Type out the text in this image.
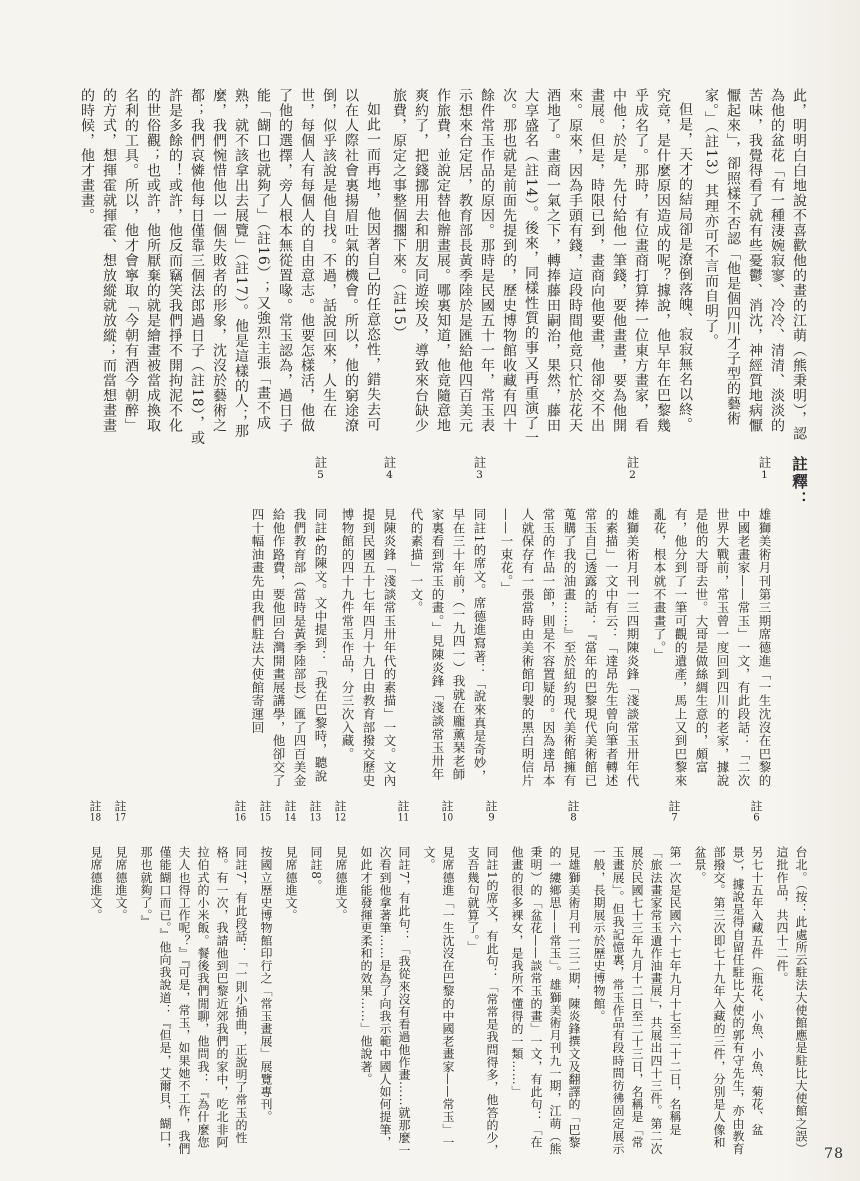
此，明明白白地說不喜歡他的畫的江萌（熊秉明），認為他的盆花「有一種淒婉寂寥、冷冷、清清、淡淡的苦味，我覺得看了就有些憂鬱、消沈，神經質地病懨懨起來」，卻照樣不否認「他是個四川才子型的藝術家。」（註13）其理亦可不言而自明了。

但是，天才的結局卻是潦倒落魄、寂寂無名以終。究竟，是什麼原因造成的呢？據說，他早年在巴黎幾乎成名了。那時，有位畫商打算捧一位東方畫家，看中他；於是，先付給他一筆錢，要他畫畫，要為他開畫展。但是，時限已到，畫商向他要畫，他卻交不出來。原來，因為手頭有錢，這段時間他竟只忙於花天酒地了。畫商一氣之下，轉捧藤田嗣治，果然，藤田大享盛名（註14）。後來，同樣性質的事又再重演了一次。那也就是前面先提到的，歷史博物館收藏有四十餘件常玉作品的原因。那時是民國五十一年，常玉表示想來台定居，教育部長黃季陸於是匯給他四百美元作旅費，並說定替他辦畫展。哪裏知道，他竟隨意地爽約了，把錢挪用去和朋友同遊埃及，導致來台缺少旅費，原定之事整個擱下來。（註15）

如此一而再地，他因著自己的任意恣性，錯失去可以在人際社會裏揚眉吐氣的機會。所以，他的窮途潦倒，似乎該說是他自找。不過，話說回來，人生在世，每個人有每個人的自由意志。他要怎樣活，他做了他的選擇，旁人根本無從置喙。常玉認為，過日子能「餬口也就夠了」（註16）；又強烈主張「畫不成熟，就不該拿出去展覽」（註17）。他是這樣的人；那麼，我們惋惜他以一個失敗者的形象，沈沒於藝術之都；我們哀憐他每日僅靠三個法郎過日子（註18），或許是多餘的！或許，他反而竊笑我們掙不開拘泥不化的世俗觀；也或許，他所厭棄的就是繪畫被當成換取名利的工具。所以，他才會寧取「今朝有酒今朝醉」的方式，想揮霍就揮霍、想放縱就放縱；而當想畫畫的時候，他才畫畫。

註釋：
註1
雄獅美術月刊第三期席德進「一生沈沒在巴黎的中國老畫家——常玉」一文，有此段話：「二次世界大戰前，常玉曾一度回到四川的老家，據說是他的大哥去世。大哥是做絲綢生意的，頗富有，他分到了一筆可觀的遺產，馬上又到巴黎來亂花，根本就不畫畫了。」
註2
雄獅美術月刊一三四期陳炎鋒「淺談常玉卅年代的素描」一文中有云：「達昂先生曾向筆者轉述常玉自己透露的話：『當年的巴黎現代美術館已蒐購了我的油畫……』至於紐約現代美術館擁有常玉的作品一節，則是不容置疑的。因為達昂本人就保存有一張當時由美術館印製的黑白明信片——一束花。」
註3
同註1的席文。席德進寫著：「說來真是奇妙，早在三十年前，（一九四一）我就在龐薰琹老師家裏看到常玉的畫。」見陳炎鋒「淺談常玉卅年代的素描」一文。
註4
見陳炎鋒「淺談常玉卅年代的素描」一文。文內提到民國五十七年四月十九日由教育部撥交歷史博物館的四十九件常玉作品，分三次入藏。
註5
同註4的陳文。文中提到：「我在巴黎時，聽說我們教育部（當時是黃季陸部長）匯了四百美金給他作路費，要他回台灣開畫展講學，他卻交了四十幅油畫先由我們駐法大使館寄運回
台北。（按：此處所云駐法大使館應是駐比大使館之誤）這批作品，共四十二件。
註6
另七十五年入藏五件（瓶花、小魚、小魚、菊花、盆景），據說是得自留任駐比大使的郭有守先生，亦由教育部撥交。第三次即七十九年入藏的三件，分別是人像和盆景。
註7
第一次是民國六十七年九月十七至二十二日，名稱是「旅法畫家常玉遺作油畫展」，共展出四十三件。第二次展於民國七十三年九月十二日至二十三日，名稱是「常玉畫展」。但我記憶裏，常玉作品有段時間彷彿固定展示一般，長期展示於歷史博物館。
註8
見雄獅美術月刊一三二期，陳炎鋒撰文及翻譯的「巴黎的一縷鄉思——常玉」。雄獅美術月刊九一期，江萌（熊秉明）的「盆花——談常玉的畫」一文，有此句：「在他畫的很多裸女，是我所不懂得的一類……」
註9
同註1的席文，有此句：「常常是我問得多，他答的少，支吾幾句就算了。」
註10
見席德進「一生沈沒在巴黎的中國老畫家——常玉」一文。
註11
同註7，有此句：「我從來沒有看過他作畫……就那麼一次看到他拿著筆……是為了向我示範中國人如何提筆，如此才能發揮更柔和的效果……」他說著。
註12
見席德進文。
註13
同註8。
註14
見席德進文。
註15
按國立歷史博物館印行之「常玉畫展」展覽專刊。
註16
同註7，有此段話：「一則小插曲，正說明了常玉的性格。有一次，我請他到巴黎近郊我們的家中，吃北非阿拉伯式的小米飯。餐後我們閒聊，他問我：『為什麼您夫人也得工作呢？』『可是，常玉，如果她不工作，我們僅能餬口而已。』他向我說道：『但是，艾爾貝，餬口，那也就夠了。』
註17
見席德進文。
註18
見席德進文。
78
